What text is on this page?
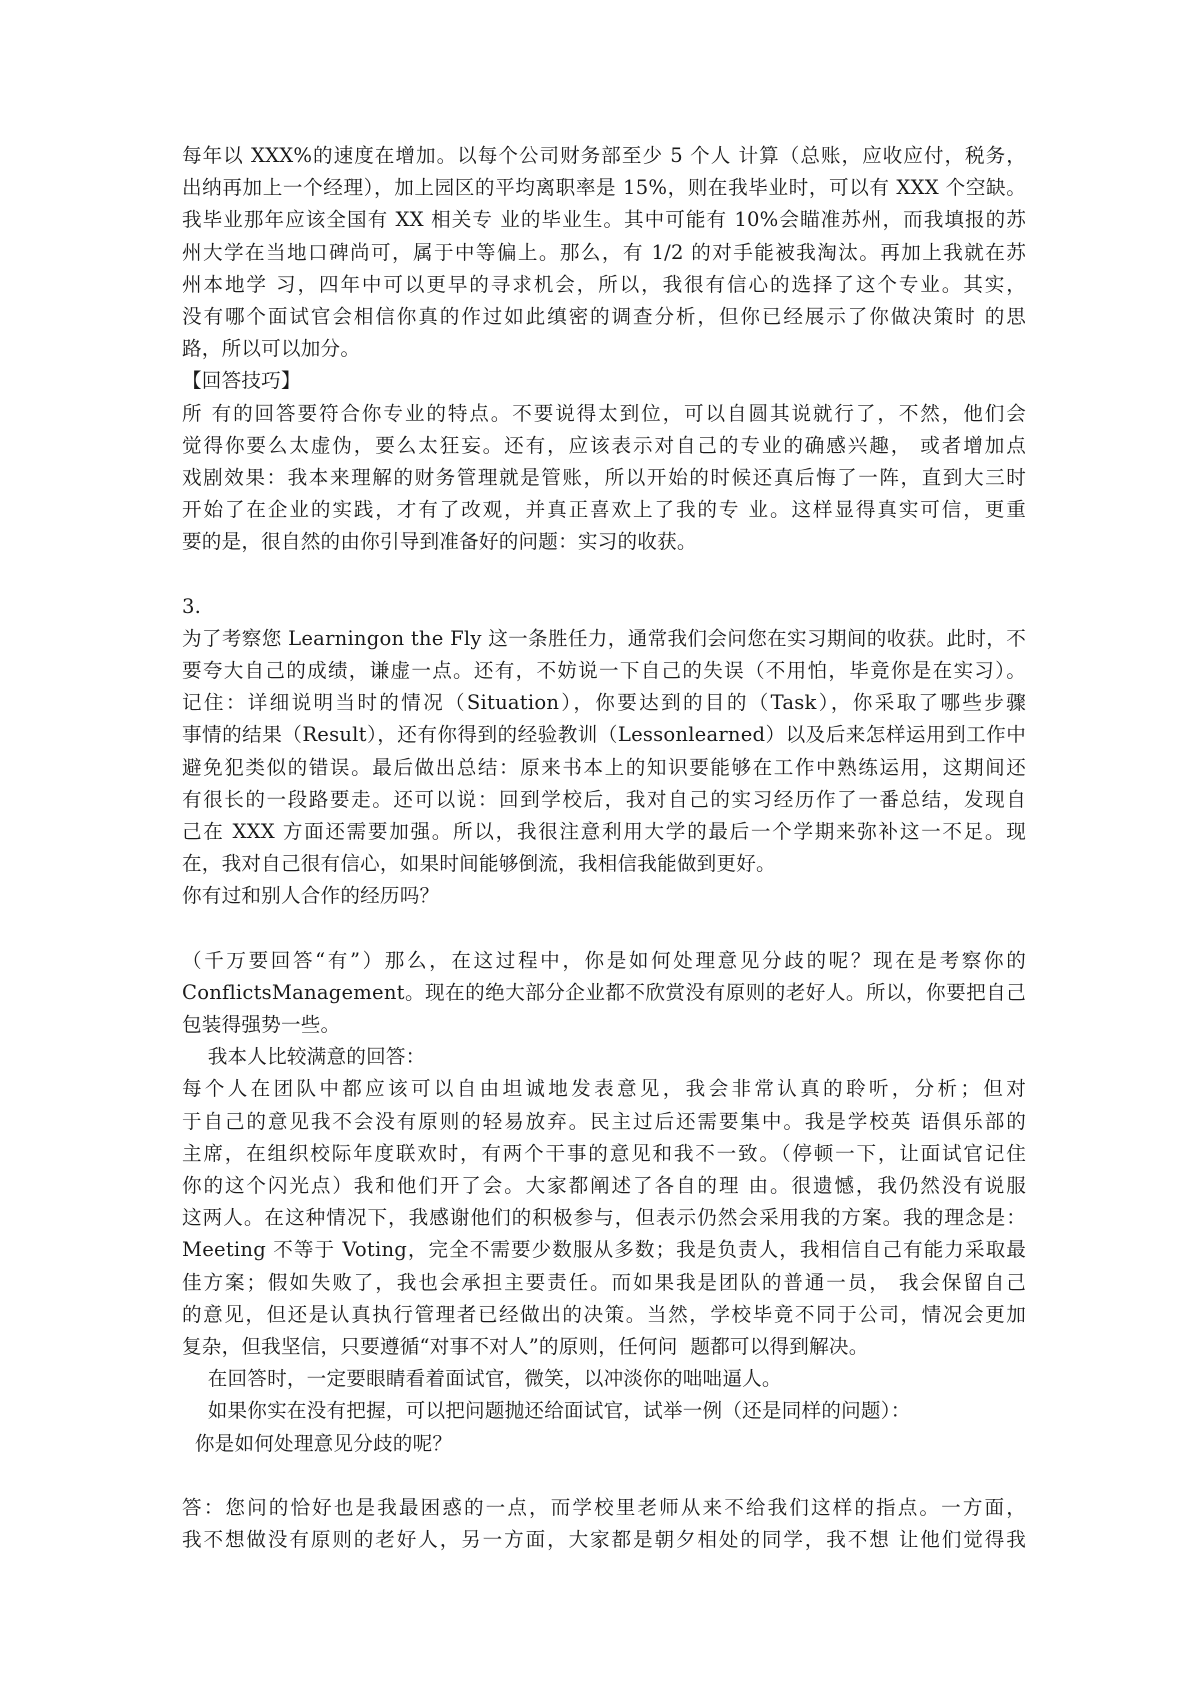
每年以 XXX%的速度在增加。以每个公司财务部至少 5 个人 计算（总账，应收应付，税务，
出纳再加上一个经理），加上园区的平均离职率是 15%，则在我毕业时，可以有 XXX 个空缺。
我毕业那年应该全国有 XX 相关专 业的毕业生。其中可能有 10%会瞄准苏州，而我填报的苏
州大学在当地口碑尚可，属于中等偏上。那么，有 1/2 的对手能被我淘汰。再加上我就在苏
州本地学 习，四年中可以更早的寻求机会，所以，我很有信心的选择了这个专业。其实，
没有哪个面试官会相信你真的作过如此缜密的调查分析，但你已经展示了你做决策时 的思
路，所以可以加分。
【回答技巧】
所 有的回答要符合你专业的特点。不要说得太到位，可以自圆其说就行了，不然，他们会
觉得你要么太虚伪，要么太狂妄。还有，应该表示对自己的专业的确感兴趣， 或者增加点
戏剧效果：我本来理解的财务管理就是管账，所以开始的时候还真后悔了一阵，直到大三时
开始了在企业的实践，才有了改观，并真正喜欢上了我的专 业。这样显得真实可信，更重
要的是，很自然的由你引导到准备好的问题：实习的收获。
3.
为了考察您 Learningon the Fly 这一条胜任力，通常我们会问您在实习期间的收获。此时，不
要夸大自己的成绩，谦虚一点。还有，不妨说一下自己的失误（不用怕，毕竟你是在实习）。
记住：详细说明当时的情况（Situation），你要达到的目的（Task），你采取了哪些步骤
事情的结果（Result），还有你得到的经验教训（Lessonlearned）以及后来怎样运用到工作中
避免犯类似的错误。最后做出总结：原来书本上的知识要能够在工作中熟练运用，这期间还
有很长的一段路要走。还可以说：回到学校后，我对自己的实习经历作了一番总结，发现自
己在 XXX 方面还需要加强。所以，我很注意利用大学的最后一个学期来弥补这一不足。现
在，我对自己很有信心，如果时间能够倒流，我相信我能做到更好。
你有过和别人合作的经历吗？
（千万要回答“有”）那么，在这过程中，你是如何处理意见分歧的呢？现在是考察你的
ConflictsManagement。现在的绝大部分企业都不欣赏没有原则的老好人。所以，你要把自己
包装得强势一些。
我本人比较满意的回答：
每个人在团队中都应该可以自由坦诚地发表意见，我会非常认真的聆听，分析；但对
于自己的意见我不会没有原则的轻易放弃。民主过后还需要集中。我是学校英 语俱乐部的
主席，在组织校际年度联欢时，有两个干事的意见和我不一致。（停顿一下，让面试官记住
你的这个闪光点）我和他们开了会。大家都阐述了各自的理 由。很遗憾，我仍然没有说服
这两人。在这种情况下，我感谢他们的积极参与，但表示仍然会采用我的方案。我的理念是：
Meeting 不等于 Voting，完全不需要少数服从多数；我是负责人，我相信自己有能力采取最
佳方案；假如失败了，我也会承担主要责任。而如果我是团队的普通一员， 我会保留自己
的意见，但还是认真执行管理者已经做出的决策。当然，学校毕竟不同于公司，情况会更加
复杂，但我坚信，只要遵循“对事不对人”的原则，任何问  题都可以得到解决。
在回答时，一定要眼睛看着面试官，微笑，以冲淡你的咄咄逼人。
如果你实在没有把握，可以把问题抛还给面试官，试举一例（还是同样的问题）：
你是如何处理意见分歧的呢？
答：您问的恰好也是我最困惑的一点，而学校里老师从来不给我们这样的指点。一方面，
我不想做没有原则的老好人，另一方面，大家都是朝夕相处的同学，我不想 让他们觉得我
